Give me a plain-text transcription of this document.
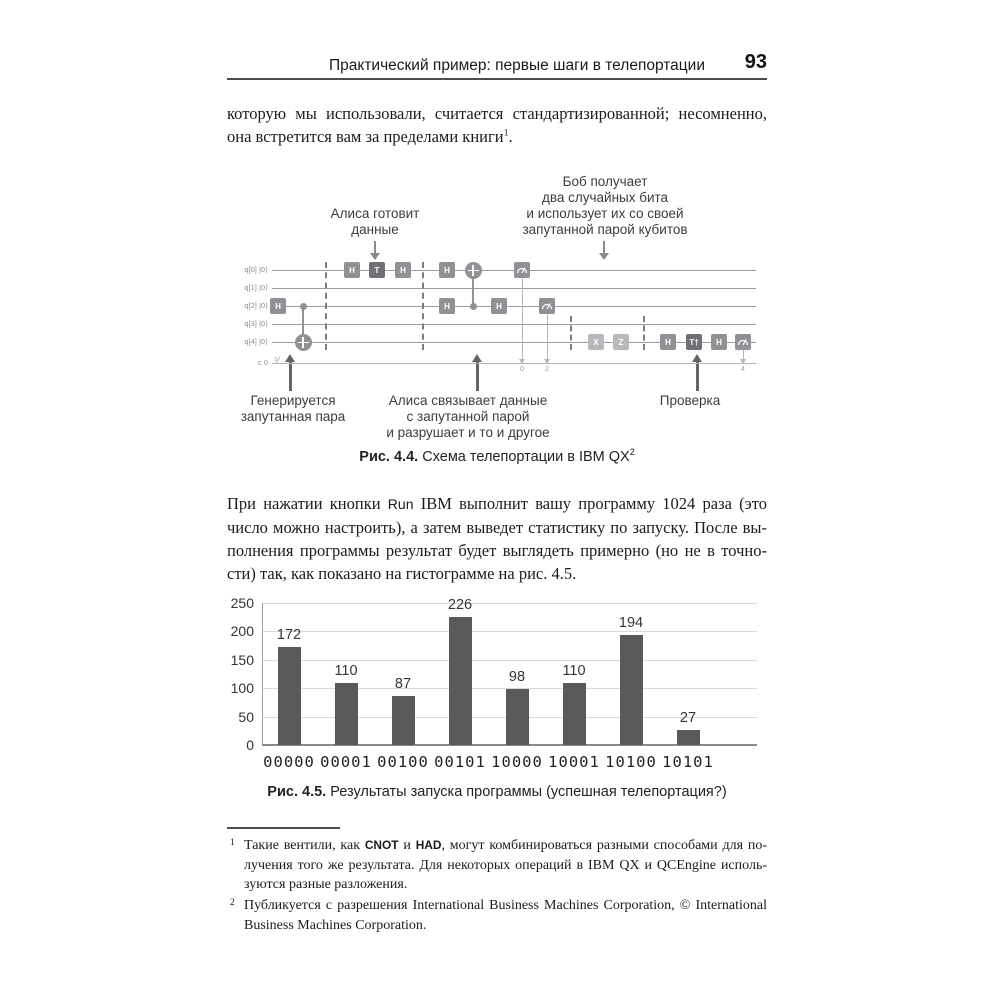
Практический пример: первые шаги в телепортации 93

которую мы использовали, считается стандартизированной; несомненно, она встретится вам за пределами книги$^1$.

Алиса готовит
данные
Боб получает
два случайных бита
и использует их со своей
запутанной парой кубитов
Генерируется
запутанная пара
Алиса связывает данные
с запутанной парой
и разрушает и то и другое
Проверка
q[0] |0⟩
q[1] |0⟩
q[2] |0⟩
q[3] |0⟩
q[4] |0⟩
c 0 ⁵⁄
H
H	T	H	H
H	H
X	Z	H	T†	H
0	2	4
Рис. 4.4. Схема телепортации в IBM $QX^2$

При нажатии кнопки Run IBM выполнит вашу программу 1024 раза (это число можно настроить), а затем выведет статистику по запуску. После выполнения программы результат будет выглядеть примерно (но не в точности) так, как показано на гистограмме на рис. 4.5.

0
50
100
150
200
250
172
00000
110
00001
87
00100
226
00101
98
10000
110
10001
194
10100
27
10101
Рис. 4.5. Результаты запуска программы (успешная телепортация?)
1 Такие вентили, как CNOT и HAD, могут комбинироваться разными способами для получения того же результата. Для некоторых операций в IBM QX и QCEngine используются разные разложения.
2 Публикуется с разрешения International Business Machines Corporation, © International Business Machines Corporation.
